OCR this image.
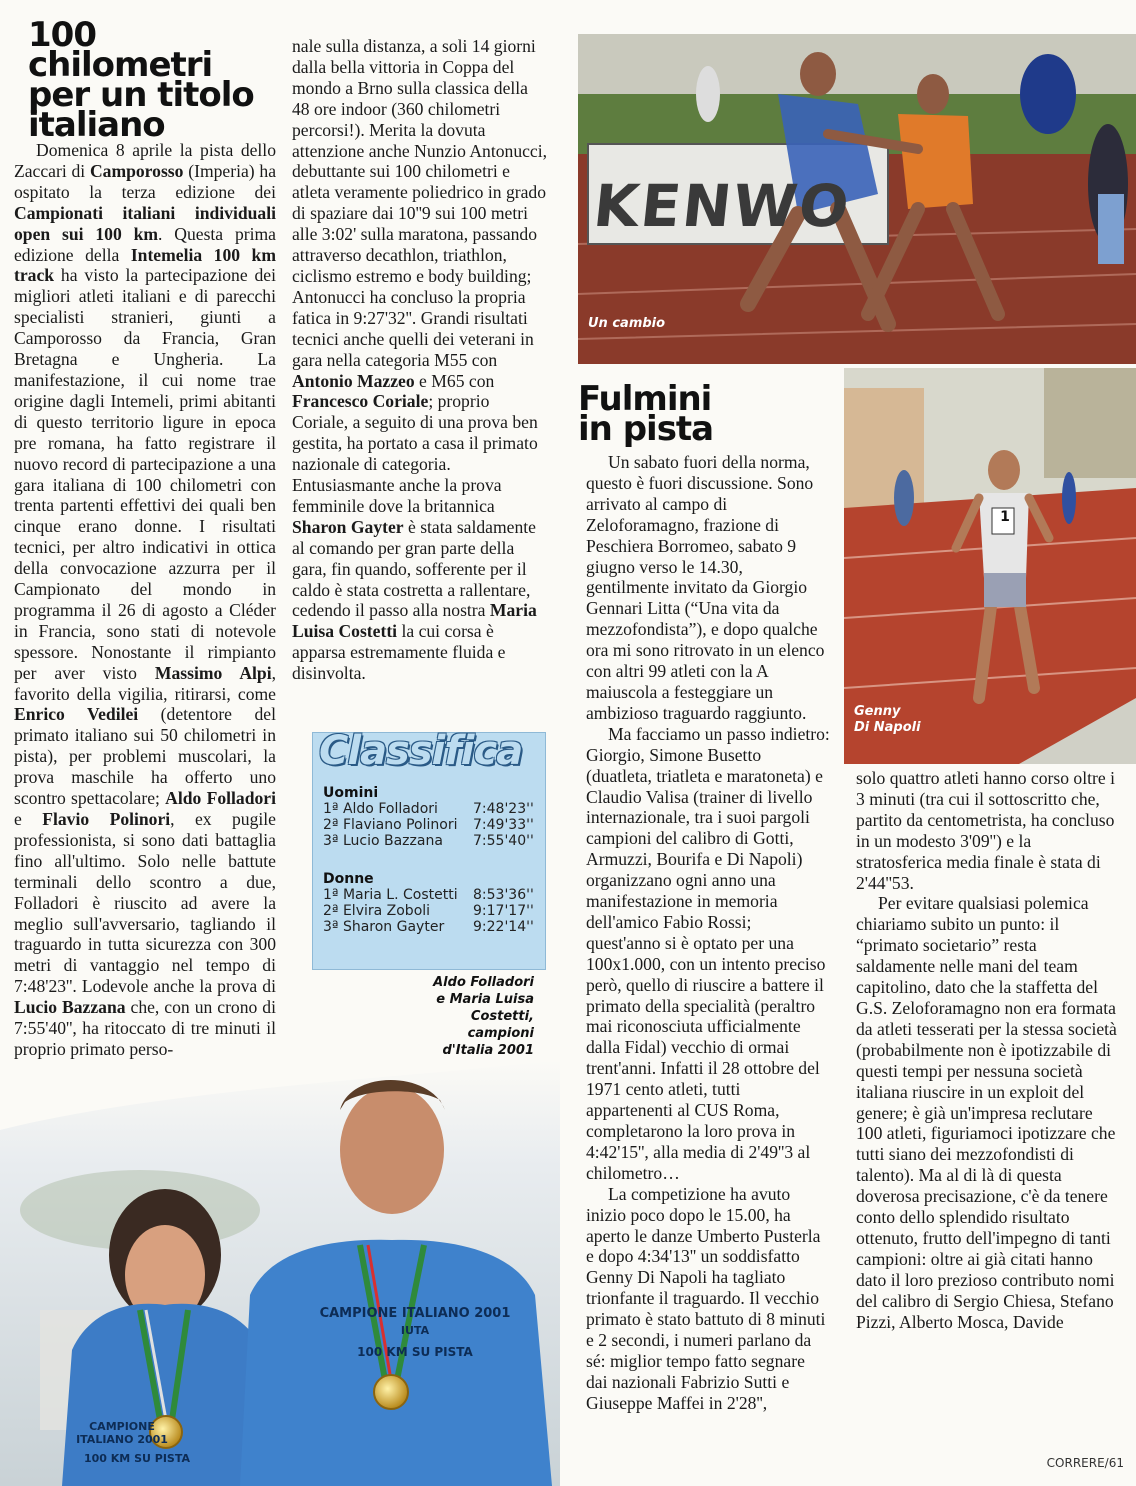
100
chilometri
per un titolo
italiano

Domenica 8 aprile la pista dello Zaccari di Camporosso (Imperia) ha ospitato la terza edizione dei Campionati italiani individuali open sui 100 km. Questa prima edizione della Intemelia 100 km track ha visto la partecipazione dei migliori atleti italiani e di parecchi specialisti stranieri, giunti a Camporosso da Francia, Gran Bretagna e Ungheria. La manifestazione, il cui nome trae origine dagli Intemeli, primi abitanti di questo territorio ligure in epoca pre romana, ha fatto registrare il nuovo record di partecipazione a una gara italiana di 100 chilometri con trenta partenti effettivi dei quali ben cinque erano donne. I risultati tecnici, per altro indicativi in ottica della convocazione azzurra per il Campionato del mondo in programma il 26 di agosto a Cléder in Francia, sono stati di notevole spessore. Nonostante il rimpianto per aver visto Massimo Alpi, favorito della vigilia, ritirarsi, come Enrico Vedilei (detentore del primato italiano sui 50 chilometri in pista), per problemi muscolari, la prova maschile ha offerto uno scontro spettacolare; Aldo Folladori e Flavio Polinori, ex pugile professionista, si sono dati battaglia fino all'ultimo. Solo nelle battute terminali dello scontro a due, Folladori è riuscito ad avere la meglio sull'avversario, tagliando il traguardo in tutta sicurezza con 300 metri di vantaggio nel tempo di 7:48'23''. Lodevole anche la prova di Lucio Bazzana che, con un crono di 7:55'40'', ha ritoccato di tre minuti il proprio primato perso-

nale sulla distanza, a soli 14 giorni dalla bella vittoria in Coppa del mondo a Brno sulla classica della 48 ore indoor (360 chilometri percorsi!). Merita la dovuta attenzione anche Nunzio Antonucci, debuttante sui 100 chilometri e atleta veramente poliedrico in grado di spaziare dai 10''9 sui 100 metri alle 3:02' sulla maratona, passando attraverso decathlon, triathlon, ciclismo estremo e body building; Antonucci ha concluso la propria fatica in 9:27'32''. Grandi risultati tecnici anche quelli dei veterani in gara nella categoria M55 con Antonio Mazzeo e M65 con Francesco Coriale; proprio Coriale, a seguito di una prova ben gestita, ha portato a casa il primato nazionale di categoria. Entusiasmante anche la prova femminile dove la britannica Sharon Gayter è stata saldamente al comando per gran parte della gara, fin quando, sofferente per il caldo è stata costretta a rallentare, cedendo il passo alla nostra Maria Luisa Costetti la cui corsa è apparsa estremamente fluida e disinvolta.

Classifica
Uomini
1ª Aldo Folladori	7:48'23''
2ª Flaviano Polinori	7:49'33''
3ª Lucio Bazzana	7:55'40''
Donne
1ª Maria L. Costetti	8:53'36''
2ª Elvira Zoboli	9:17'17''
3ª Sharon Gayter	9:22'14''
CAMPIONE ITALIANO 2001
100 KM SU PISTA
IUTA
CAMPIONE ITALIANO 2001
100 KM SU PISTA
Aldo Folladori
e Maria Luisa
Costetti,
campioni
d'Italia 2001
KENWO
Un cambio
Fulmini
in pista
1
Genny
Di Napoli

Un sabato fuori della norma, questo è fuori discussione. Sono arrivato al campo di Zeloforamagno, frazione di Peschiera Borromeo, sabato 9 giugno verso le 14.30, gentilmente invitato da Giorgio Gennari Litta (“Una vita da mezzofondista”), e dopo qualche ora mi sono ritrovato in un elenco con altri 99 atleti con la A maiuscola a festeggiare un ambizioso traguardo raggiunto.

Ma facciamo un passo indietro: Giorgio, Simone Busetto (duatleta, triatleta e maratoneta) e Claudio Valisa (trainer di livello internazionale, tra i suoi pargoli campioni del calibro di Gotti, Armuzzi, Bourifa e Di Napoli) organizzano ogni anno una manifestazione in memoria dell'amico Fabio Rossi; quest'anno si è optato per una 100x1.000, con un intento preciso però, quello di riuscire a battere il primato della specialità (peraltro mai riconosciuta ufficialmente dalla Fidal) vecchio di ormai trent'anni. Infatti il 28 ottobre del 1971 cento atleti, tutti appartenenti al CUS Roma, completarono la loro prova in 4:42'15'', alla media di 2'49''3 al chilometro…

La competizione ha avuto inizio poco dopo le 15.00, ha aperto le danze Umberto Pusterla e dopo 4:34'13'' un soddisfatto Genny Di Napoli ha tagliato trionfante il traguardo. Il vecchio primato è stato battuto di 8 minuti e 2 secondi, i numeri parlano da sé: miglior tempo fatto segnare dai nazionali Fabrizio Sutti e Giuseppe Maffei in 2'28'',

solo quattro atleti hanno corso oltre i 3 minuti (tra cui il sottoscritto che, partito da centometrista, ha concluso in un modesto 3'09'') e la stratosferica media finale è stata di 2'44''53.

Per evitare qualsiasi polemica chiariamo subito un punto: il “primato societario” resta saldamente nelle mani del team capitolino, dato che la staffetta del G.S. Zeloforamagno non era formata da atleti tesserati per la stessa società (probabilmente non è ipotizzabile di questi tempi per nessuna società italiana riuscire in un exploit del genere; è già un'impresa reclutare 100 atleti, figuriamoci ipotizzare che tutti siano dei mezzofondisti di talento). Ma al di là di questa doverosa precisazione, c'è da tenere conto dello splendido risultato ottenuto, frutto dell'impegno di tanti campioni: oltre ai già citati hanno dato il loro prezioso contributo nomi del calibro di Sergio Chiesa, Stefano Pizzi, Alberto Mosca, Davide

CORRERE/61
